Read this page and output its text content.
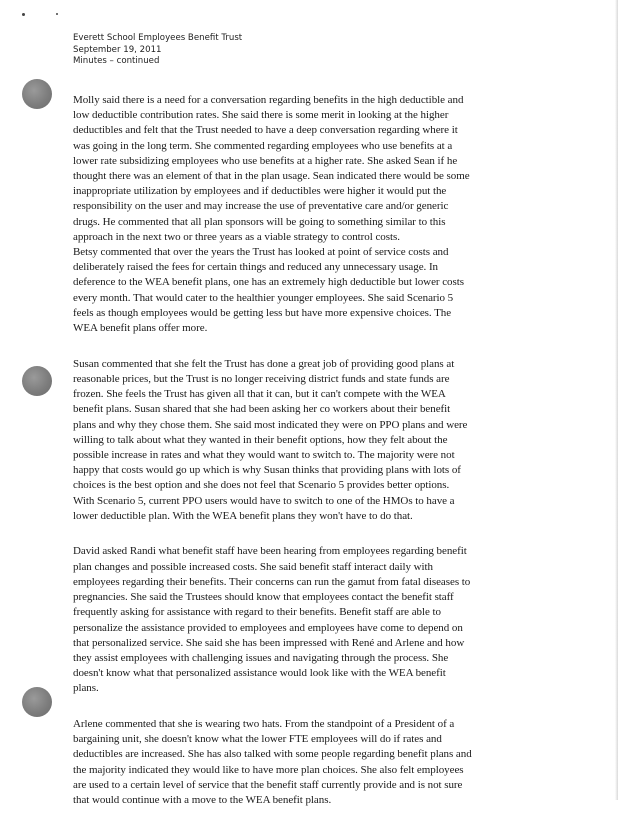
Everett School Employees Benefit Trust
September 19, 2011
Minutes – continued
Molly said there is a need for a conversation regarding benefits in the high deductible and
low deductible contribution rates. She said there is some merit in looking at the higher
deductibles and felt that the Trust needed to have a deep conversation regarding where it
was going in the long term. She commented regarding employees who use benefits at a
lower rate subsidizing employees who use benefits at a higher rate. She asked Sean if he
thought there was an element of that in the plan usage. Sean indicated there would be some
inappropriate utilization by employees and if deductibles were higher it would put the
responsibility on the user and may increase the use of preventative care and/or generic
drugs. He commented that all plan sponsors will be going to something similar to this
approach in the next two or three years as a viable strategy to control costs.
Betsy commented that over the years the Trust has looked at point of service costs and
deliberately raised the fees for certain things and reduced any unnecessary usage. In
deference to the WEA benefit plans, one has an extremely high deductible but lower costs
every month. That would cater to the healthier younger employees. She said Scenario 5
feels as though employees would be getting less but have more expensive choices. The
WEA benefit plans offer more.
Susan commented that she felt the Trust has done a great job of providing good plans at
reasonable prices, but the Trust is no longer receiving district funds and state funds are
frozen. She feels the Trust has given all that it can, but it can't compete with the WEA
benefit plans. Susan shared that she had been asking her co workers about their benefit
plans and why they chose them. She said most indicated they were on PPO plans and were
willing to talk about what they wanted in their benefit options, how they felt about the
possible increase in rates and what they would want to switch to. The majority were not
happy that costs would go up which is why Susan thinks that providing plans with lots of
choices is the best option and she does not feel that Scenario 5 provides better options.
With Scenario 5, current PPO users would have to switch to one of the HMOs to have a
lower deductible plan. With the WEA benefit plans they won't have to do that.
David asked Randi what benefit staff have been hearing from employees regarding benefit
plan changes and possible increased costs. She said benefit staff interact daily with
employees regarding their benefits. Their concerns can run the gamut from fatal diseases to
pregnancies. She said the Trustees should know that employees contact the benefit staff
frequently asking for assistance with regard to their benefits. Benefit staff are able to
personalize the assistance provided to employees and employees have come to depend on
that personalized service. She said she has been impressed with René and Arlene and how
they assist employees with challenging issues and navigating through the process. She
doesn't know what that personalized assistance would look like with the WEA benefit
plans.
Arlene commented that she is wearing two hats. From the standpoint of a President of a
bargaining unit, she doesn't know what the lower FTE employees will do if rates and
deductibles are increased. She has also talked with some people regarding benefit plans and
the majority indicated they would like to have more plan choices. She also felt employees
are used to a certain level of service that the benefit staff currently provide and is not sure
that would continue with a move to the WEA benefit plans.
